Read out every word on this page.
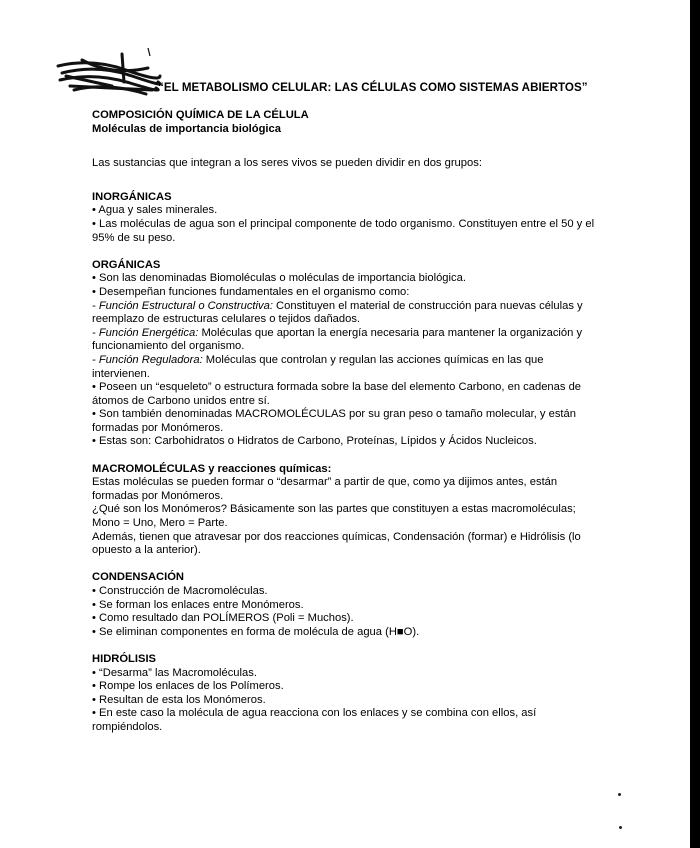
“EL METABOLISMO CELULAR: LAS CÉLULAS COMO SISTEMAS ABIERTOS”

COMPOSICIÓN QUÍMICA DE LA CÉLULA

Moléculas de importancia biológica

Las sustancias que integran a los seres vivos se pueden dividir en dos grupos:

INORGÁNICAS

• Agua y sales minerales.

• Las moléculas de agua son el principal componente de todo organismo. Constituyen entre el 50 y el

95% de su peso.

ORGÁNICAS

• Son las denominadas Biomoléculas o moléculas de importancia biológica.

• Desempeñan funciones fundamentales en el organismo como:

- Función Estructural o Constructiva: Constituyen el material de construcción para nuevas células y

reemplazo de estructuras celulares o tejidos dañados.

- Función Energética: Moléculas que aportan la energía necesaria para mantener la organización y

funcionamiento del organismo.

- Función Reguladora: Moléculas que controlan y regulan las acciones químicas en las que

intervienen.

• Poseen un “esqueleto” o estructura formada sobre la base del elemento Carbono, en cadenas de

átomos de Carbono unidos entre sí.

• Son también denominadas MACROMOLÉCULAS por su gran peso o tamaño molecular, y están

formadas por Monómeros.

• Estas son: Carbohidratos o Hidratos de Carbono, Proteínas, Lípidos y Ácidos Nucleicos.

MACROMOLÉCULAS y reacciones químicas:

Estas moléculas se pueden formar o “desarmar” a partir de que, como ya dijimos antes, están

formadas por Monómeros.

¿Qué son los Monómeros? Básicamente son las partes que constituyen a estas macromoléculas;

Mono = Uno, Mero = Parte.

Además, tienen que atravesar por dos reacciones químicas, Condensación (formar) e Hidrólisis (lo

opuesto a la anterior).

CONDENSACIÓN

• Construcción de Macromoléculas.

• Se forman los enlaces entre Monómeros.

• Como resultado dan POLÍMEROS (Poli = Muchos).

• Se eliminan componentes en forma de molécula de agua (H■O).

HIDRÓLISIS

• “Desarma” las Macromoléculas.

• Rompe los enlaces de los Polímeros.

• Resultan de esta los Monómeros.

• En este caso la molécula de agua reacciona con los enlaces y se combina con ellos, así

rompiéndolos.
